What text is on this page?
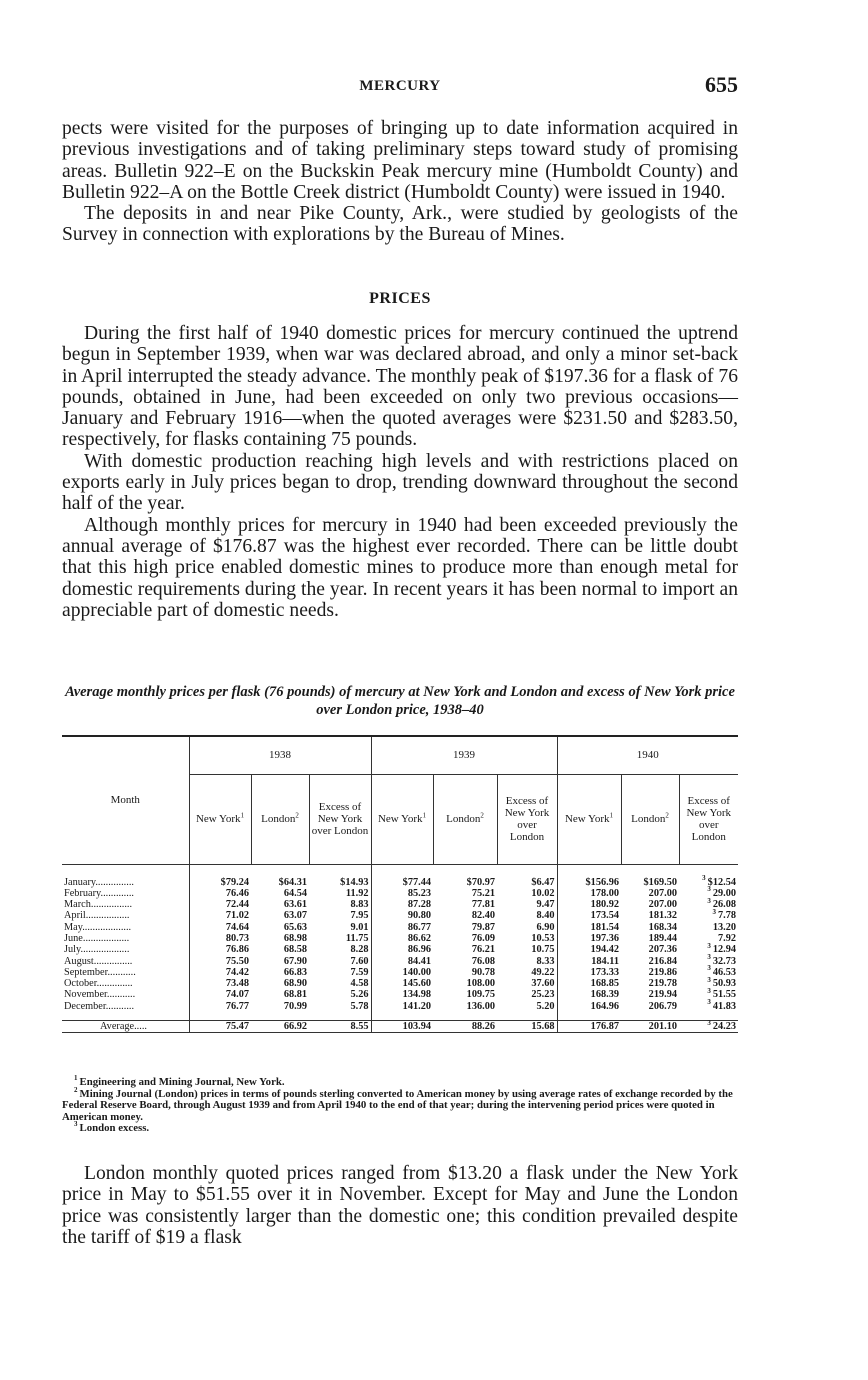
MERCURY	655

pects were visited for the purposes of bringing up to date information acquired in previous investigations and of taking preliminary steps toward study of promising areas. Bulletin 922–E on the Buckskin Peak mercury mine (Humboldt County) and Bulletin 922–A on the Bottle Creek district (Humboldt County) were issued in 1940.

The deposits in and near Pike County, Ark., were studied by geologists of the Survey in connection with explorations by the Bureau of Mines.

PRICES

During the first half of 1940 domestic prices for mercury continued the uptrend begun in September 1939, when war was declared abroad, and only a minor set-back in April interrupted the steady advance. The monthly peak of $197.36 for a flask of 76 pounds, obtained in June, had been exceeded on only two previous occasions—January and February 1916—when the quoted averages were $231.50 and $283.50, respectively, for flasks containing 75 pounds.

With domestic production reaching high levels and with restrictions placed on exports early in July prices began to drop, trending downward throughout the second half of the year.

Although monthly prices for mercury in 1940 had been exceeded previously the annual average of $176.87 was the highest ever recorded. There can be little doubt that this high price enabled domestic mines to produce more than enough metal for domestic requirements during the year. In recent years it has been normal to import an appreciable part of domestic needs.

Average monthly prices per flask (76 pounds) of mercury at New York and London and excess of New York price over London price, 1938–40
Month	1938			1939			1940		
	New York$^1$	London$^2$	Excess of New York over London	New York$^1$	London$^2$	Excess of New York over London	New York$^1$	London$^2$	Excess of New York over London
January...............	$79.24	$64.31	$14.93	$77.44	$70.97	$6.47	$156.96	$169.50	$^3$ $12.54
February.............	76.46	64.54	11.92	85.23	75.21	10.02	178.00	207.00	$^3$ 29.00
March................	72.44	63.61	8.83	87.28	77.81	9.47	180.92	207.00	$^3$ 26.08
April.................	71.02	63.07	7.95	90.80	82.40	8.40	173.54	181.32	$^3$ 7.78
May...................	74.64	65.63	9.01	86.77	79.87	6.90	181.54	168.34	13.20
June..................	80.73	68.98	11.75	86.62	76.09	10.53	197.36	189.44	7.92
July...................	76.86	68.58	8.28	86.96	76.21	10.75	194.42	207.36	$^3$ 12.94
August...............	75.50	67.90	7.60	84.41	76.08	8.33	184.11	216.84	$^3$ 32.73
September...........	74.42	66.83	7.59	140.00	90.78	49.22	173.33	219.86	$^3$ 46.53
October..............	73.48	68.90	4.58	145.60	108.00	37.60	168.85	219.78	$^3$ 50.93
November...........	74.07	68.81	5.26	134.98	109.75	25.23	168.39	219.94	$^3$ 51.55
December...........	76.77	70.99	5.78	141.20	136.00	5.20	164.96	206.79	$^3$ 41.83
Average.....	75.47	66.92	8.55	103.94	88.26	15.68	176.87	201.10	$^3$ 24.23

$^1$ Engineering and Mining Journal, New York.

$^2$ Mining Journal (London) prices in terms of pounds sterling converted to American money by using average rates of exchange recorded by the Federal Reserve Board, through August 1939 and from April 1940 to the end of that year; during the intervening period prices were quoted in American money.

$^3$ London excess.

London monthly quoted prices ranged from $13.20 a flask under the New York price in May to $51.55 over it in November. Except for May and June the London price was consistently larger than the domestic one; this condition prevailed despite the tariff of $19 a flask
